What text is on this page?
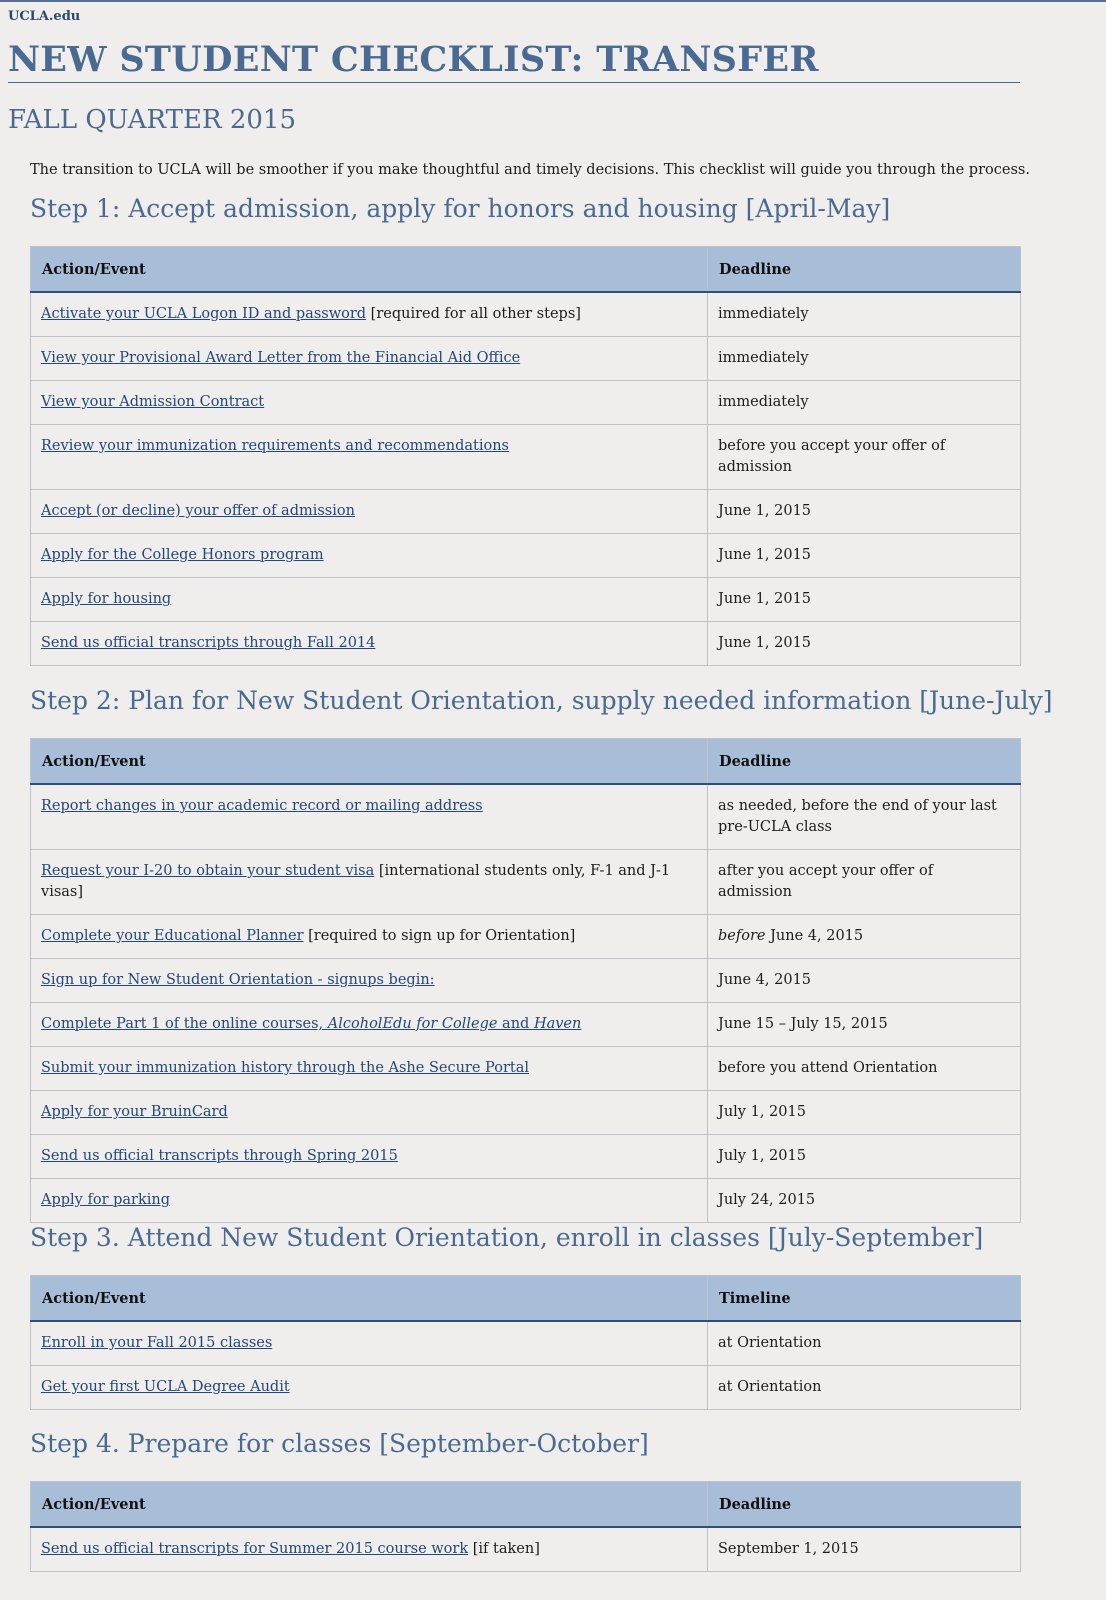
UCLA.edu
NEW STUDENT CHECKLIST: TRANSFER
FALL QUARTER 2015

The transition to UCLA will be smoother if you make thoughtful and timely decisions. This checklist will guide you through the process.

Step 1: Accept admission, apply for honors and housing [April-May]
Action/Event	Deadline
Activate your UCLA Logon ID and password [required for all other steps]	immediately
View your Provisional Award Letter from the Financial Aid Office	immediately
View your Admission Contract	immediately
Review your immunization requirements and recommendations	before you accept your offer of admission
Accept (or decline) your offer of admission	June 1, 2015
Apply for the College Honors program	June 1, 2015
Apply for housing	June 1, 2015
Send us official transcripts through Fall 2014	June 1, 2015
Step 2: Plan for New Student Orientation, supply needed information [June-July]
Action/Event	Deadline
Report changes in your academic record or mailing address	as needed, before the end of your last pre-UCLA class
Request your I-20 to obtain your student visa [international students only, F-1 and J-1 visas]	after you accept your offer of admission
Complete your Educational Planner [required to sign up for Orientation]	before June 4, 2015
Sign up for New Student Orientation - signups begin:	June 4, 2015
Complete Part 1 of the online courses, AlcoholEdu for College and Haven	June 15 – July 15, 2015
Submit your immunization history through the Ashe Secure Portal	before you attend Orientation
Apply for your BruinCard	July 1, 2015
Send us official transcripts through Spring 2015	July 1, 2015
Apply for parking	July 24, 2015
Step 3. Attend New Student Orientation, enroll in classes [July-September]
Action/Event	Timeline
Enroll in your Fall 2015 classes	at Orientation
Get your first UCLA Degree Audit	at Orientation
Step 4. Prepare for classes [September-October]
Action/Event	Deadline
Send us official transcripts for Summer 2015 course work [if taken]	September 1, 2015
